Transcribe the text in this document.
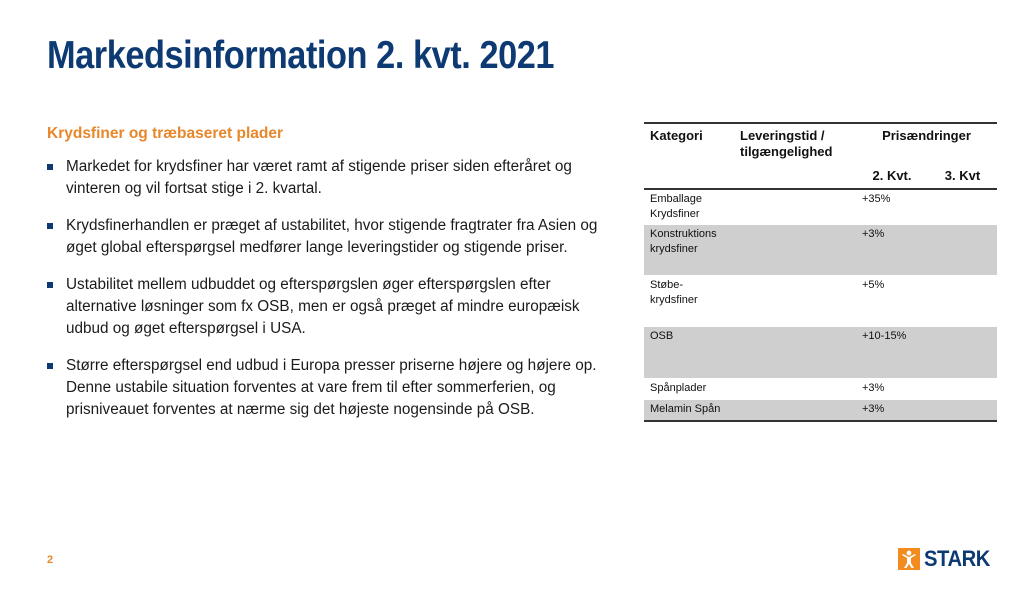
Markedsinformation 2. kvt. 2021
Krydsfiner og træbaseret plader
Markedet for krydsfiner har været ramt af stigende priser siden efteråret og vinteren og vil fortsat stige i 2. kvartal.
Krydsfinerhandlen er præget af ustabilitet, hvor stigende fragtrater fra Asien og øget global efterspørgsel medfører lange leveringstider og stigende priser.
Ustabilitet mellem udbuddet og efterspørgslen øger efterspørgslen efter alternative løsninger som fx OSB, men er også præget af mindre europæisk udbud og øget efterspørgsel i USA.
Større efterspørgsel end udbud i Europa presser priserne højere og højere op. Denne ustabile situation forventes at vare frem til efter sommerferien, og prisniveauet forventes at nærme sig det højeste nogensinde på OSB.
Kategori	Leveringstid / tilgængelighed	Prisændringer	
		2. Kvt.	3. Kvt
Emballage Krydsfiner		+35%	
Konstruktions krydsfiner		+3%	
Støbe-krydsfiner		+5%	
OSB		+10-15%	
Spånplader		+3%	
Melamin Spån		+3%	
2	STARK
